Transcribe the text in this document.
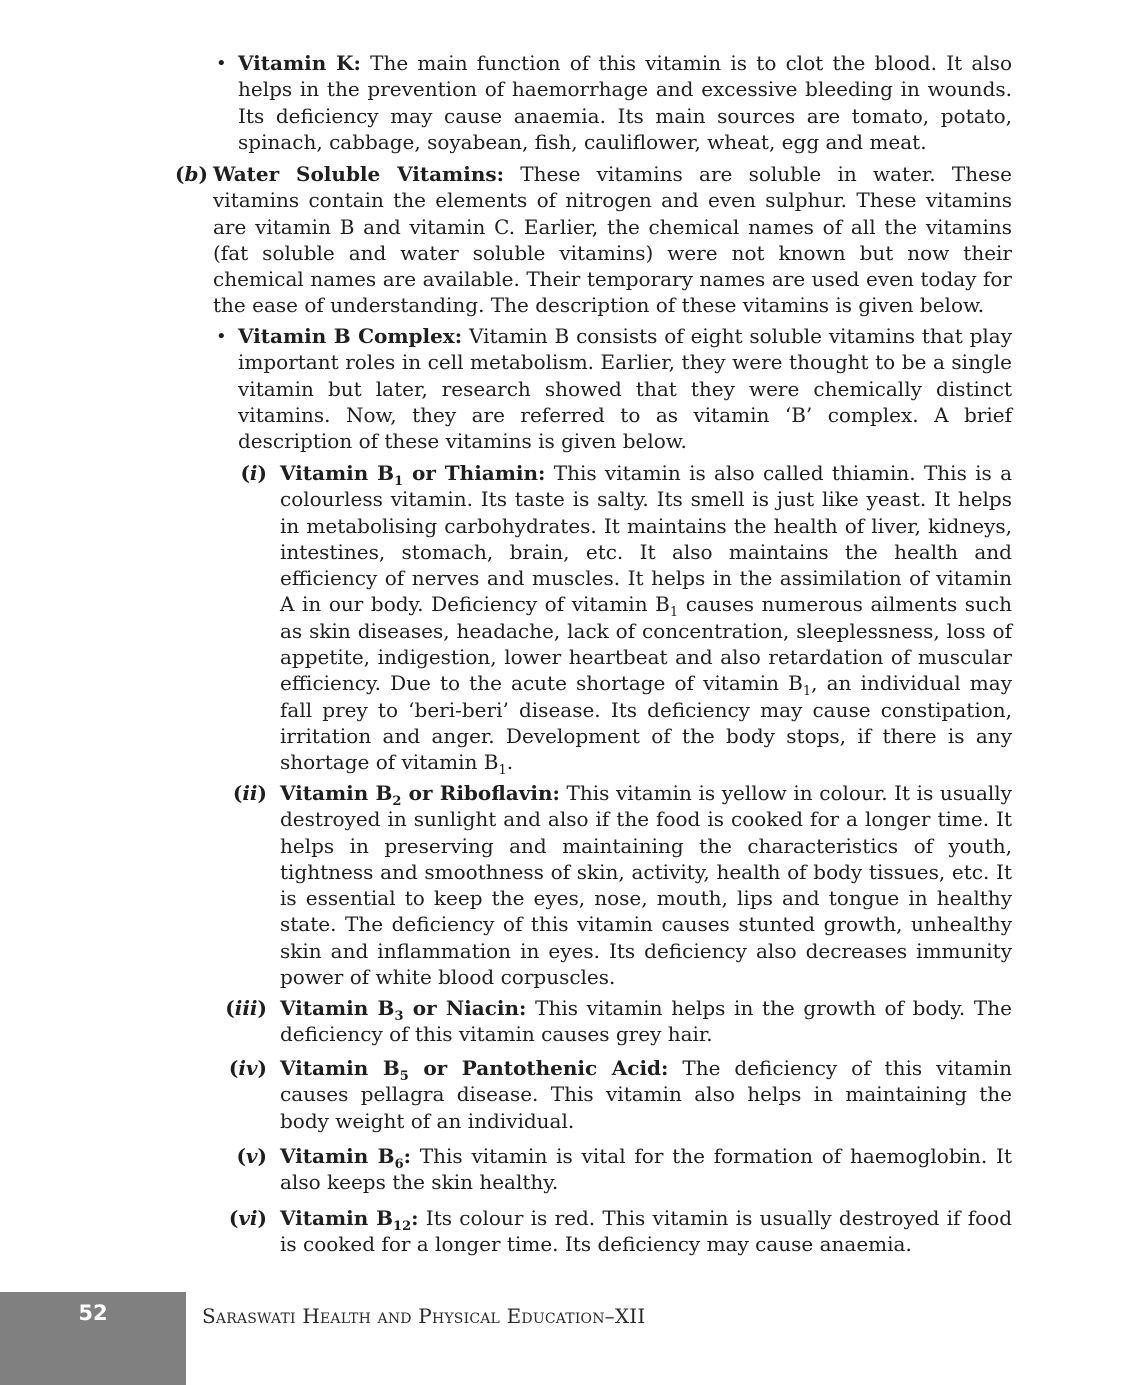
• Vitamin K: The main function of this vitamin is to clot the blood. It also helps in the prevention of haemorrhage and excessive bleeding in wounds. Its deficiency may cause anaemia. Its main sources are tomato, potato, spinach, cabbage, soyabean, fish, cauliflower, wheat, egg and meat.
(b) Water Soluble Vitamins: These vitamins are soluble in water. These vitamins contain the elements of nitrogen and even sulphur. These vitamins are vitamin B and vitamin C. Earlier, the chemical names of all the vitamins (fat soluble and water soluble vitamins) were not known but now their chemical names are available. Their temporary names are used even today for the ease of understanding. The description of these vitamins is given below.
• Vitamin B Complex: Vitamin B consists of eight soluble vitamins that play important roles in cell metabolism. Earlier, they were thought to be a single vitamin but later, research showed that they were chemically distinct vitamins. Now, they are referred to as vitamin ‘B’ complex. A brief description of these vitamins is given below.
(i) Vitamin $B_1$ or Thiamin: This vitamin is also called thiamin. This is a colourless vitamin. Its taste is salty. Its smell is just like yeast. It helps in metabolising carbohydrates. It maintains the health of liver, kidneys, intestines, stomach, brain, etc. It also maintains the health and efficiency of nerves and muscles. It helps in the assimilation of vitamin A in our body. Deficiency of vitamin $B_1$ causes numerous ailments such as skin diseases, headache, lack of concentration, sleeplessness, loss of appetite, indigestion, lower heartbeat and also retardation of muscular efficiency. Due to the acute shortage of vitamin $B_1$, an individual may fall prey to ‘beri-beri’ disease. Its deficiency may cause constipation, irritation and anger. Development of the body stops, if there is any shortage of vitamin $B_1$.
(ii) Vitamin $B_2$ or Riboflavin: This vitamin is yellow in colour. It is usually destroyed in sunlight and also if the food is cooked for a longer time. It helps in preserving and maintaining the characteristics of youth, tightness and smoothness of skin, activity, health of body tissues, etc. It is essential to keep the eyes, nose, mouth, lips and tongue in healthy state. The deficiency of this vitamin causes stunted growth, unhealthy skin and inflammation in eyes. Its deficiency also decreases immunity power of white blood corpuscles.
(iii) Vitamin $B_3$ or Niacin: This vitamin helps in the growth of body. The deficiency of this vitamin causes grey hair.
(iv) Vitamin $B_5$ or Pantothenic Acid: The deficiency of this vitamin causes pellagra disease. This vitamin also helps in maintaining the body weight of an individual.
(v) Vitamin $B_6$: This vitamin is vital for the formation of haemoglobin. It also keeps the skin healthy.
(vi) Vitamin $B_{12}$: Its colour is red. This vitamin is usually destroyed if food is cooked for a longer time. Its deficiency may cause anaemia.
52	Saraswati Health and Physical Education–XII
